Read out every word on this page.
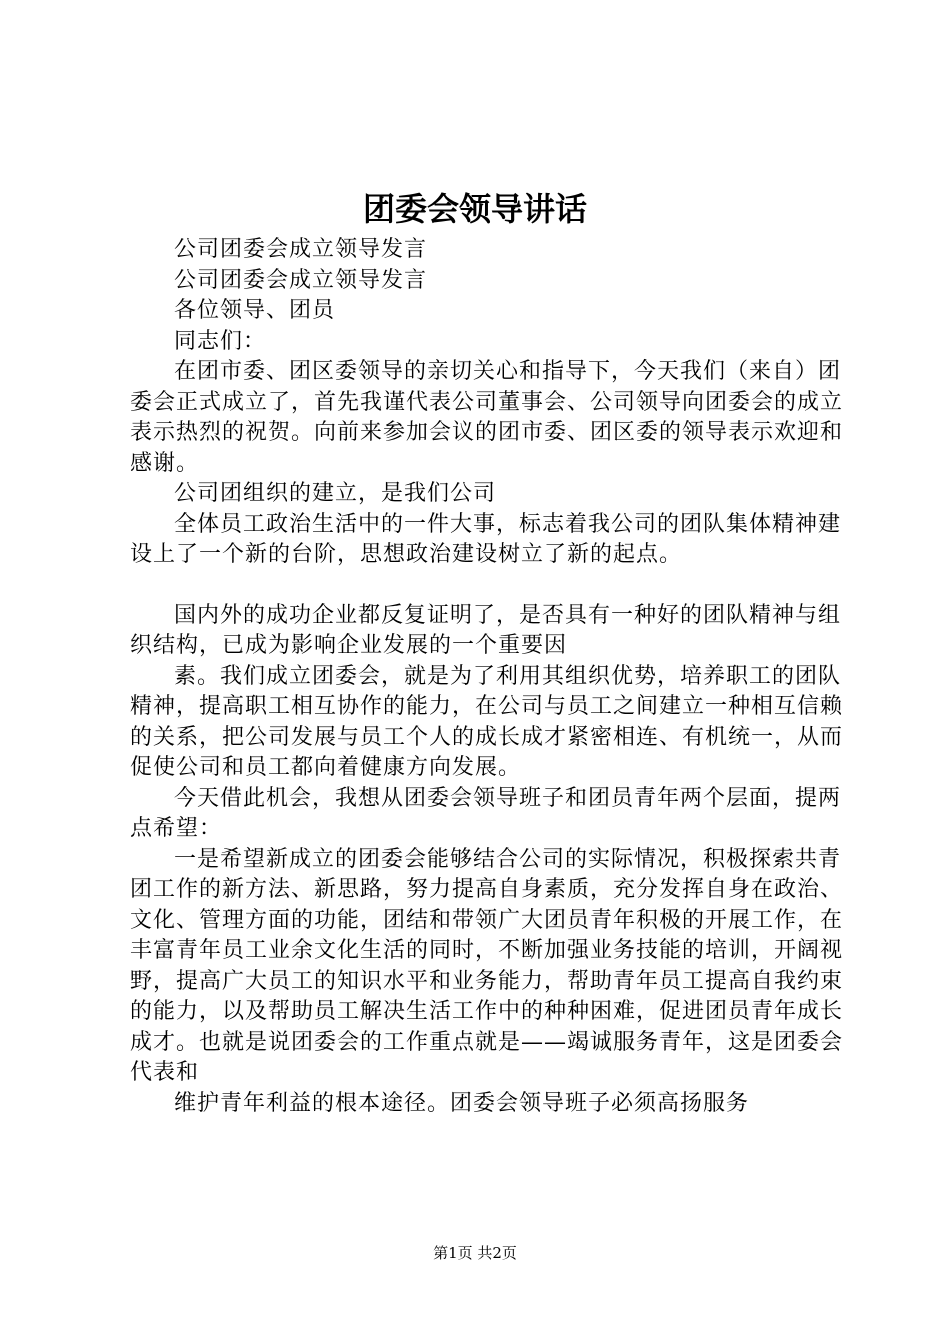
团委会领导讲话

公司团委会成立领导发言

公司团委会成立领导发言

各位领导、团员

同志们：

在团市委、团区委领导的亲切关心和指导下，今天我们（来自）团委会正式成立了，首先我谨代表公司董事会、公司领导向团委会的成立表示热烈的祝贺。向前来参加会议的团市委、团区委的领导表示欢迎和感谢。

公司团组织的建立，是我们公司

全体员工政治生活中的一件大事，标志着我公司的团队集体精神建设上了一个新的台阶，思想政治建设树立了新的起点。

国内外的成功企业都反复证明了，是否具有一种好的团队精神与组织结构，已成为影响企业发展的一个重要因

素。我们成立团委会，就是为了利用其组织优势，培养职工的团队精神，提高职工相互协作的能力，在公司与员工之间建立一种相互信赖的关系，把公司发展与员工个人的成长成才紧密相连、有机统一，从而促使公司和员工都向着健康方向发展。

今天借此机会，我想从团委会领导班子和团员青年两个层面，提两点希望：

一是希望新成立的团委会能够结合公司的实际情况，积极探索共青团工作的新方法、新思路，努力提高自身素质，充分发挥自身在政治、文化、管理方面的功能，团结和带领广大团员青年积极的开展工作，在丰富青年员工业余文化生活的同时，不断加强业务技能的培训，开阔视野，提高广大员工的知识水平和业务能力，帮助青年员工提高自我约束的能力，以及帮助员工解决生活工作中的种种困难，促进团员青年成长成才。也就是说团委会的工作重点就是——竭诚服务青年，这是团委会代表和

维护青年利益的根本途径。团委会领导班子必须高扬服务

第1页 共2页
